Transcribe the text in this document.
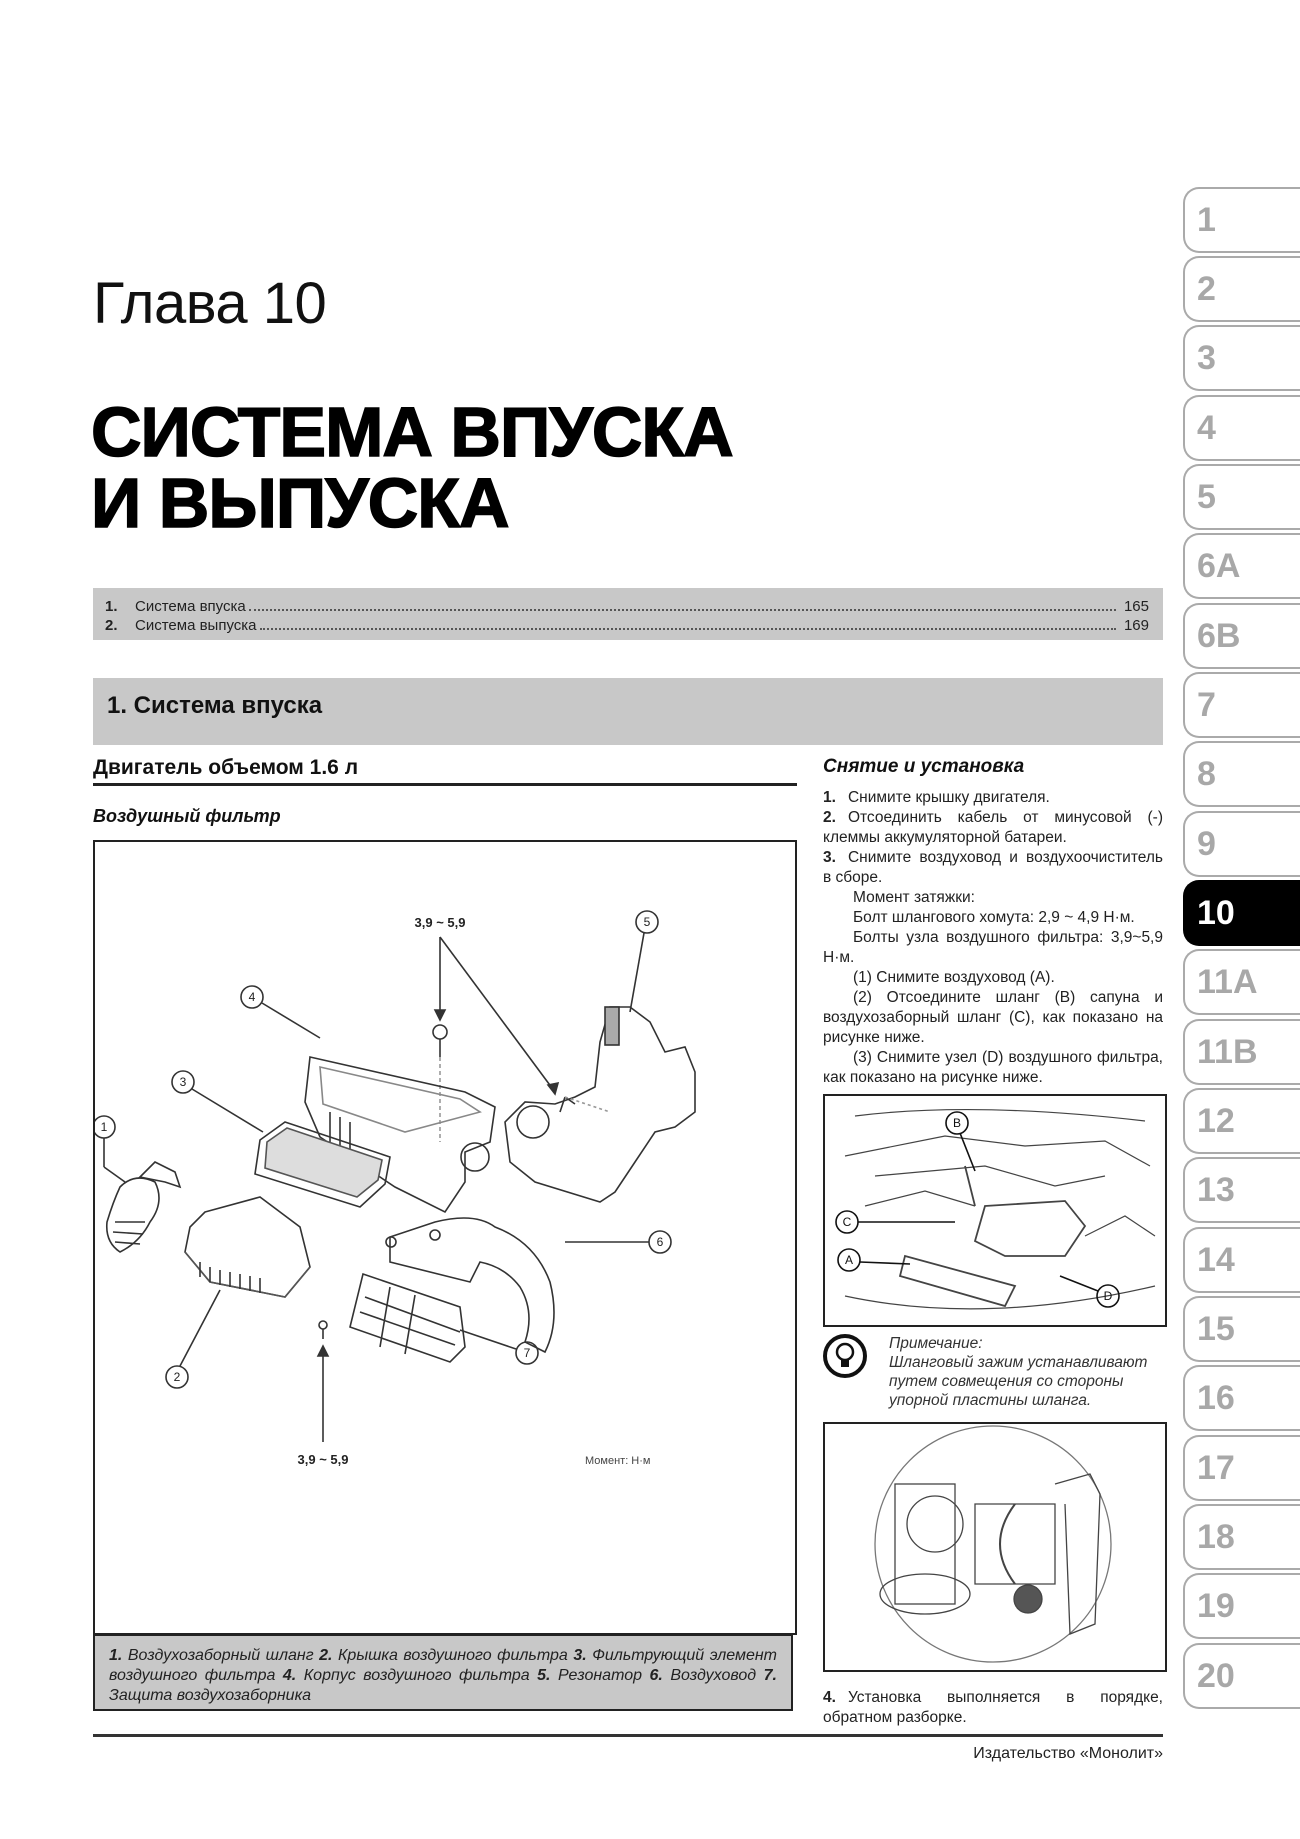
Глава 10
СИСТЕМА ВПУСКА
И ВЫПУСКА
1.	Система впуска	165
2.	Система выпуска	169
1. Система впуска
Двигатель объемом 1.6 л
Воздушный фильтр
3,9 ~ 5,9
3,9 ~ 5,9
1
2
3
4
5
6
7
Момент: Н·м
1. Воздухозаборный шланг 2. Крышка воздушного фильтра 3. Фильтрующий элемент воздушного фильтра 4. Корпус воздушного фильтра 5. Резонатор 6. Воздуховод 7. Защита воздухозаборника
Снятие и установка
1. Снимите крышку двигателя.
2. Отсоединить кабель от минусовой (-) клеммы аккумуляторной батареи.
3. Снимите воздуховод и воздухоочиститель в сборе.
Момент затяжки:
Болт шлангового хомута: 2,9 ~ 4,9 Н·м.
Болты узла воздушного фильтра: 3,9~5,9 Н·м.
(1) Снимите воздуховод (A).
(2) Отсоедините шланг (B) сапуна и воздухозаборный шланг (C), как показано на рисунке ниже.
(3) Снимите узел (D) воздушного фильтра, как показано на рисунке ниже.
A
B
C
D
Примечание:
Шланговый зажим устанавливают путем совмещения со стороны упорной пластины шланга.
4. Установка выполняется в порядке, обратном разборке.
Издательство «Монолит»
1
2
3
4
5
6A
6B
7
8
9
10
11A
11B
12
13
14
15
16
17
18
19
20
